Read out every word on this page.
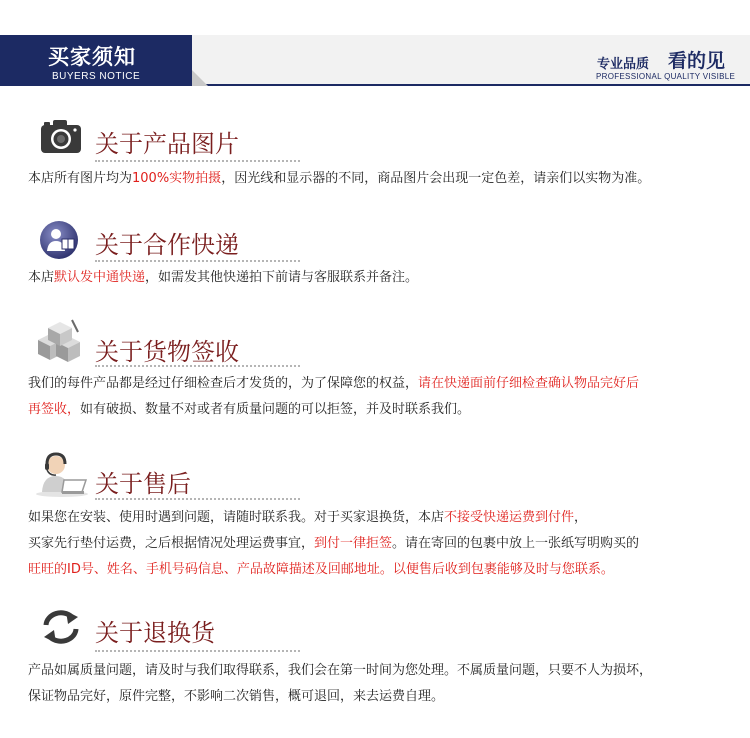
买家须知
BUYERS NOTICE
专业品质 看的见
PROFESSIONAL QUALITY VISIBLE

关于产品图片
本店所有图片均为100%实物拍摄，因光线和显示器的不同，商品图片会出现一定色差，请亲们以实物为准。
关于合作快递
本店默认发中通快递，如需发其他快递拍下前请与客服联系并备注。
关于货物签收
我们的每件产品都是经过仔细检查后才发货的，为了保障您的权益，请在快递面前仔细检查确认物品完好后
再签收，如有破损、数量不对或者有质量问题的可以拒签，并及时联系我们。
关于售后
如果您在安装、使用时遇到问题，请随时联系我。对于买家退换货，本店不接受快递运费到付件，
买家先行垫付运费，之后根据情况处理运费事宜，到付一律拒签。请在寄回的包裹中放上一张纸写明购买的
旺旺的ID号、姓名、手机号码信息、产品故障描述及回邮地址。以便售后收到包裹能够及时与您联系。
关于退换货
产品如属质量问题，请及时与我们取得联系，我们会在第一时间为您处理。不属质量问题，只要不人为损坏，
保证物品完好，原件完整，不影响二次销售，概可退回，来去运费自理。
